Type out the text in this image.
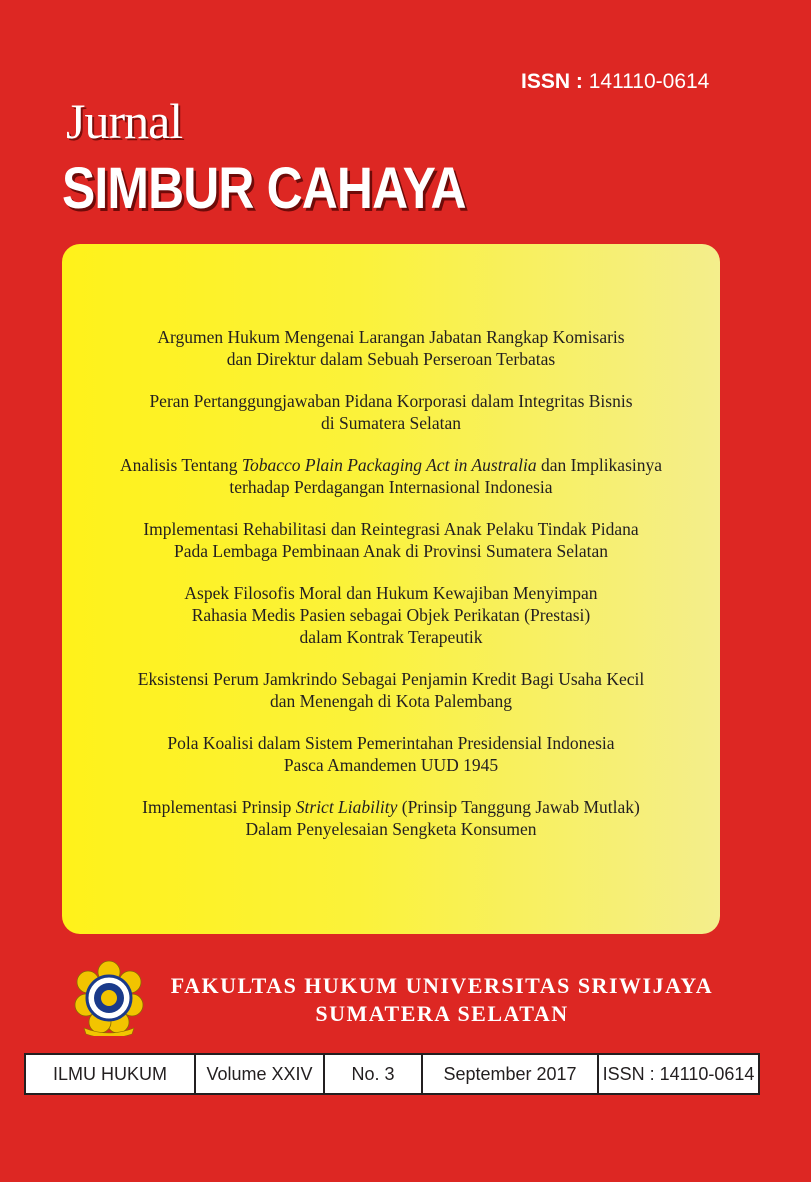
ISSN : 141110-0614
Jurnal
SIMBUR CAHAYA
Argumen Hukum Mengenai Larangan Jabatan Rangkap Komisaris
dan Direktur dalam Sebuah Perseroan Terbatas
Peran Pertanggungjawaban Pidana Korporasi dalam Integritas Bisnis
di Sumatera Selatan
Analisis Tentang Tobacco Plain Packaging Act in Australia dan Implikasinya
terhadap Perdagangan Internasional Indonesia
Implementasi Rehabilitasi dan Reintegrasi Anak Pelaku Tindak Pidana
Pada Lembaga Pembinaan Anak di Provinsi Sumatera Selatan
Aspek Filosofis Moral dan Hukum Kewajiban Menyimpan
Rahasia Medis Pasien sebagai Objek Perikatan (Prestasi)
dalam Kontrak Terapeutik
Eksistensi Perum Jamkrindo Sebagai Penjamin Kredit Bagi Usaha Kecil
dan Menengah di Kota Palembang
Pola Koalisi dalam Sistem Pemerintahan Presidensial Indonesia
Pasca Amandemen UUD 1945
Implementasi Prinsip Strict Liability (Prinsip Tanggung Jawab Mutlak)
Dalam Penyelesaian Sengketa Konsumen
FAKULTAS HUKUM UNIVERSITAS SRIWIJAYA
SUMATERA SELATAN
ILMU HUKUM	Volume XXIV	No. 3	September 2017	ISSN : 14110-0614
